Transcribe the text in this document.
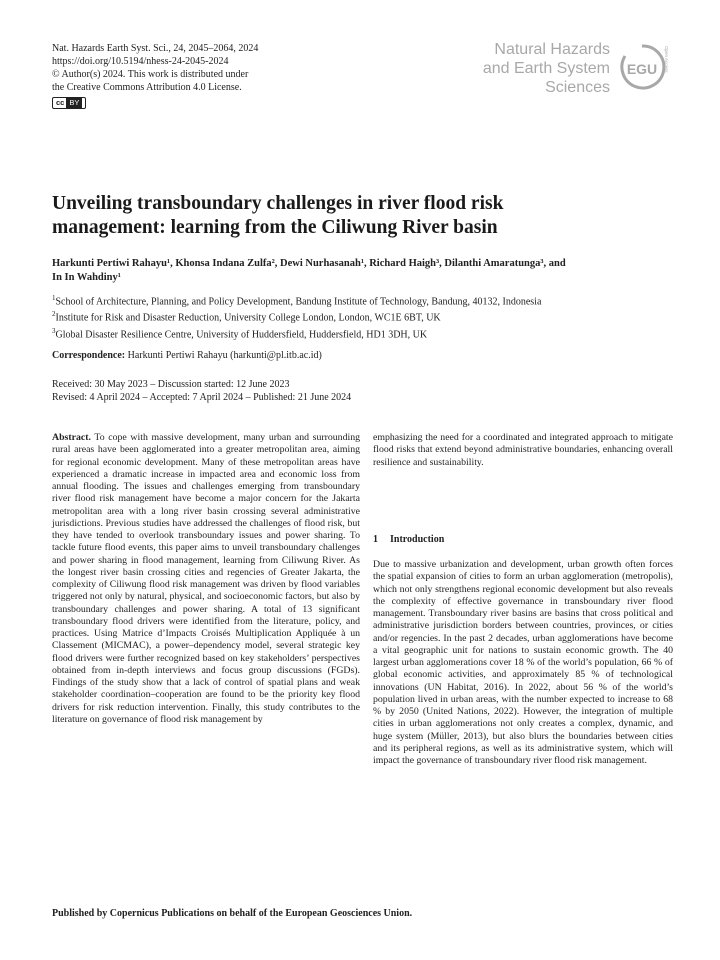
Nat. Hazards Earth Syst. Sci., 24, 2045–2064, 2024
https://doi.org/10.5194/nhess-24-2045-2024
© Author(s) 2024. This work is distributed under
the Creative Commons Attribution 4.0 License.
cc BY
Natural Hazards
and Earth System
Sciences
EGU Open Access
Unveiling transboundary challenges in river flood risk
management: learning from the Ciliwung River basin
Harkunti Pertiwi Rahayu¹, Khonsa Indana Zulfa², Dewi Nurhasanah¹, Richard Haigh³, Dilanthi Amaratunga³, and
In In Wahdiny¹
$^1$School of Architecture, Planning, and Policy Development, Bandung Institute of Technology, Bandung, 40132, Indonesia
$^2$Institute for Risk and Disaster Reduction, University College London, London, WC1E 6BT, UK
$^3$Global Disaster Resilience Centre, University of Huddersfield, Huddersfield, HD1 3DH, UK
Correspondence: Harkunti Pertiwi Rahayu (harkunti@pl.itb.ac.id)
Received: 30 May 2023 – Discussion started: 12 June 2023
Revised: 4 April 2024 – Accepted: 7 April 2024 – Published: 21 June 2024
Abstract. To cope with massive development, many urban and surrounding rural areas have been agglomerated into a greater metropolitan area, aiming for regional economic development. Many of these metropolitan areas have experienced a dramatic increase in impacted area and economic loss from annual flooding. The issues and challenges emerging from transboundary river flood risk management have become a major concern for the Jakarta metropolitan area with a long river basin crossing several administrative jurisdictions. Previous studies have addressed the challenges of flood risk, but they have tended to overlook transboundary issues and power sharing. To tackle future flood events, this paper aims to unveil transboundary challenges and power sharing in flood management, learning from Ciliwung River. As the longest river basin crossing cities and regencies of Greater Jakarta, the complexity of Ciliwung flood risk management was driven by flood variables triggered not only by natural, physical, and socioeconomic factors, but also by transboundary challenges and power sharing. A total of 13 significant transboundary flood drivers were identified from the literature, policy, and practices. Using Matrice d’Impacts Croisés Multiplication Appliquée à un Classement (MICMAC), a power–dependency model, several strategic key flood drivers were further recognized based on key stakeholders’ perspectives obtained from in-depth interviews and focus group discussions (FGDs). Findings of the study show that a lack of control of spatial plans and weak stakeholder coordination–cooperation are found to be the priority key flood drivers for risk reduction intervention. Finally, this study contributes to the literature on governance of flood risk management by
emphasizing the need for a coordinated and integrated approach to mitigate flood risks that extend beyond administrative boundaries, enhancing overall resilience and sustainability.
1 Introduction
Due to massive urbanization and development, urban growth often forces the spatial expansion of cities to form an urban agglomeration (metropolis), which not only strengthens regional economic development but also reveals the complexity of effective governance in transboundary river flood management. Transboundary river basins are basins that cross political and administrative jurisdiction borders between countries, provinces, or cities and/or regencies. In the past 2 decades, urban agglomerations have become a vital geographic unit for nations to sustain economic growth. The 40 largest urban agglomerations cover 18 % of the world’s population, 66 % of global economic activities, and approximately 85 % of technological innovations (UN Habitat, 2016). In 2022, about 56 % of the world’s population lived in urban areas, with the number expected to increase to 68 % by 2050 (United Nations, 2022). However, the integration of multiple cities in urban agglomerations not only creates a complex, dynamic, and huge system (Müller, 2013), but also blurs the boundaries between cities and its peripheral regions, as well as its administrative system, which will impact the governance of transboundary river flood risk management.
Published by Copernicus Publications on behalf of the European Geosciences Union.
